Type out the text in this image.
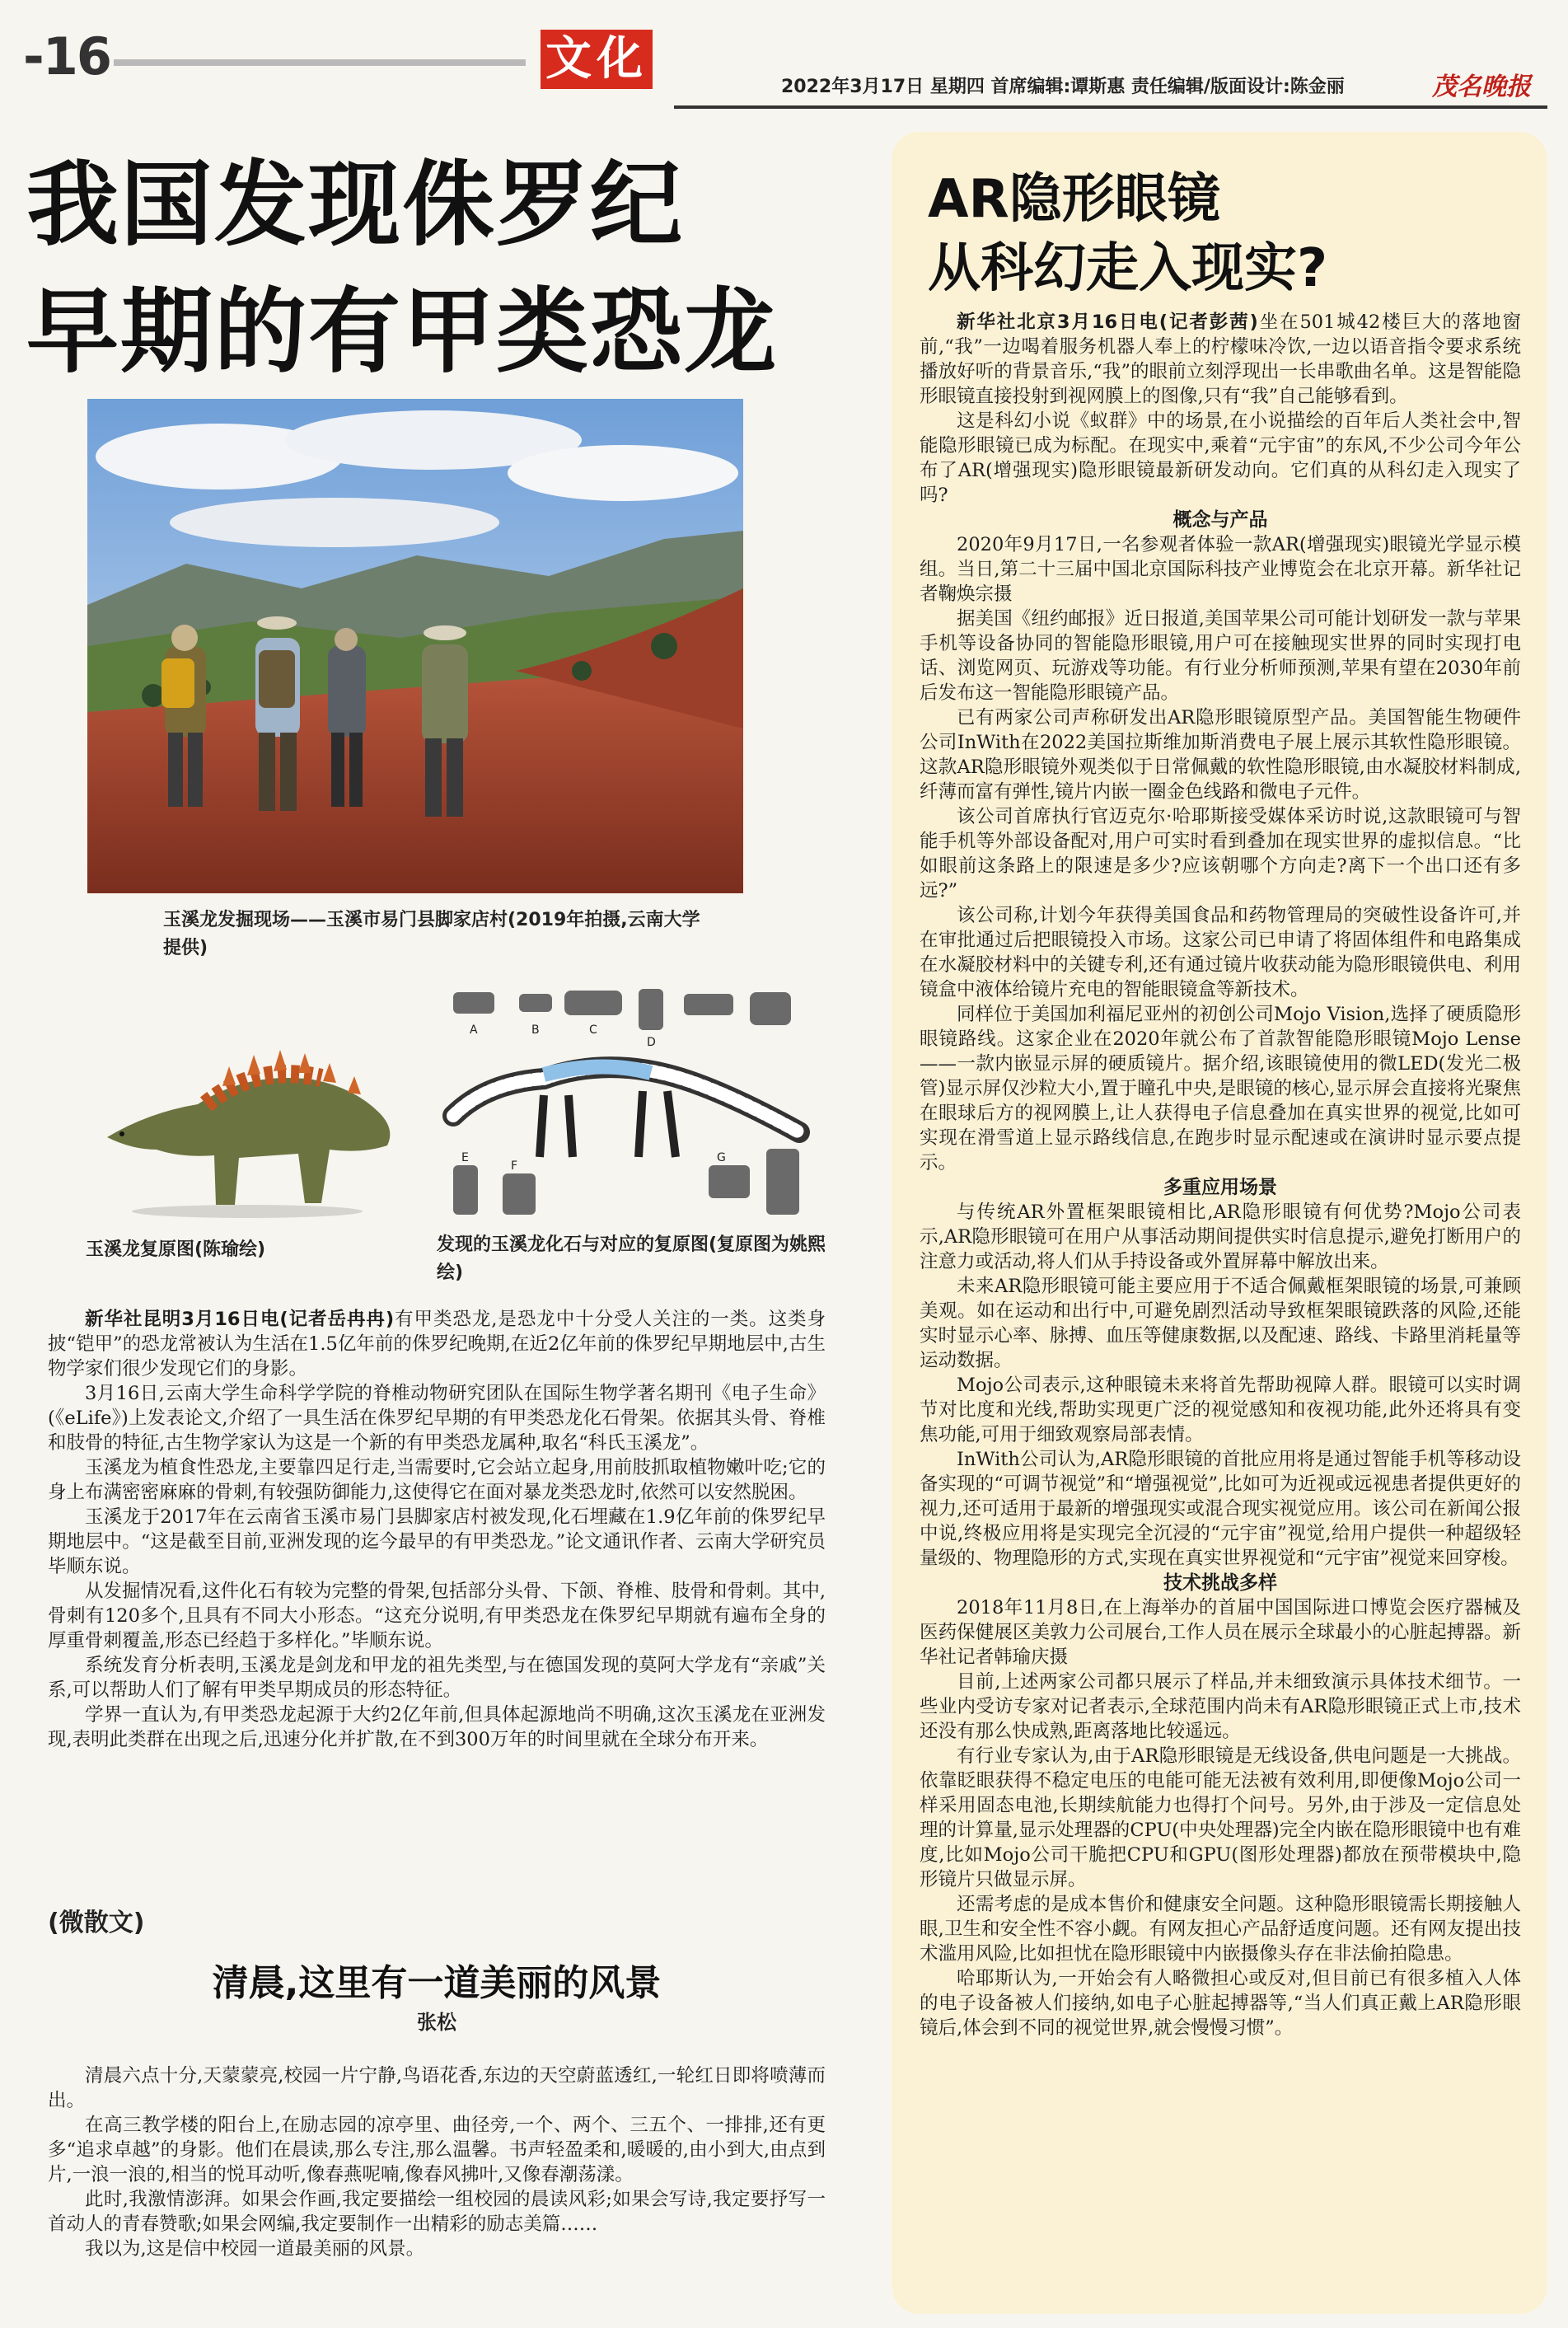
-16	文化
2022年3月17日 星期四 首席编辑:谭斯惠 责任编辑/版面设计:陈金丽	茂名晚报
我国发现侏罗纪
早期的有甲类恐龙
玉溪龙发掘现场——玉溪市易门县脚家店村(2019年拍摄,云南大学提供)
A	B	C
D
E
F
G
玉溪龙复原图(陈瑜绘)	发现的玉溪龙化石与对应的复原图(复原图为姚熙绘)

新华社昆明3月16日电(记者岳冉冉)有甲类恐龙,是恐龙中十分受人关注的一类。这类身披“铠甲”的恐龙常被认为生活在1.5亿年前的侏罗纪晚期,在近2亿年前的侏罗纪早期地层中,古生物学家们很少发现它们的身影。

3月16日,云南大学生命科学学院的脊椎动物研究团队在国际生物学著名期刊《电子生命》(《eLife》)上发表论文,介绍了一具生活在侏罗纪早期的有甲类恐龙化石骨架。依据其头骨、脊椎和肢骨的特征,古生物学家认为这是一个新的有甲类恐龙属种,取名“科氏玉溪龙”。

玉溪龙为植食性恐龙,主要靠四足行走,当需要时,它会站立起身,用前肢抓取植物嫩叶吃;它的身上布满密密麻麻的骨刺,有较强防御能力,这使得它在面对暴龙类恐龙时,依然可以安然脱困。

玉溪龙于2017年在云南省玉溪市易门县脚家店村被发现,化石埋藏在1.9亿年前的侏罗纪早期地层中。“这是截至目前,亚洲发现的迄今最早的有甲类恐龙。”论文通讯作者、云南大学研究员毕顺东说。

从发掘情况看,这件化石有较为完整的骨架,包括部分头骨、下颌、脊椎、肢骨和骨刺。其中,骨刺有120多个,且具有不同大小形态。“这充分说明,有甲类恐龙在侏罗纪早期就有遍布全身的厚重骨刺覆盖,形态已经趋于多样化。”毕顺东说。

系统发育分析表明,玉溪龙是剑龙和甲龙的祖先类型,与在德国发现的莫阿大学龙有“亲戚”关系,可以帮助人们了解有甲类早期成员的形态特征。

学界一直认为,有甲类恐龙起源于大约2亿年前,但具体起源地尚不明确,这次玉溪龙在亚洲发现,表明此类群在出现之后,迅速分化并扩散,在不到300万年的时间里就在全球分布开来。

(微散文)
清晨,这里有一道美丽的风景
张松

清晨六点十分,天蒙蒙亮,校园一片宁静,鸟语花香,东边的天空蔚蓝透红,一轮红日即将喷薄而出。

在高三教学楼的阳台上,在励志园的凉亭里、曲径旁,一个、两个、三五个、一排排,还有更多“追求卓越”的身影。他们在晨读,那么专注,那么温馨。书声轻盈柔和,暖暖的,由小到大,由点到片,一浪一浪的,相当的悦耳动听,像春燕呢喃,像春风拂叶,又像春潮荡漾。

此时,我激情澎湃。如果会作画,我定要描绘一组校园的晨读风彩;如果会写诗,我定要抒写一首动人的青春赞歌;如果会网编,我定要制作一出精彩的励志美篇……

我以为,这是信中校园一道最美丽的风景。

AR隐形眼镜
从科幻走入现实?

新华社北京3月16日电(记者彭茜)坐在501城42楼巨大的落地窗前,“我”一边喝着服务机器人奉上的柠檬味冷饮,一边以语音指令要求系统播放好听的背景音乐,“我”的眼前立刻浮现出一长串歌曲名单。这是智能隐形眼镜直接投射到视网膜上的图像,只有“我”自己能够看到。

这是科幻小说《蚁群》中的场景,在小说描绘的百年后人类社会中,智能隐形眼镜已成为标配。在现实中,乘着“元宇宙”的东风,不少公司今年公布了AR(增强现实)隐形眼镜最新研发动向。它们真的从科幻走入现实了吗?

概念与产品

2020年9月17日,一名参观者体验一款AR(增强现实)眼镜光学显示模组。当日,第二十三届中国北京国际科技产业博览会在北京开幕。新华社记者鞠焕宗摄

据美国《纽约邮报》近日报道,美国苹果公司可能计划研发一款与苹果手机等设备协同的智能隐形眼镜,用户可在接触现实世界的同时实现打电话、浏览网页、玩游戏等功能。有行业分析师预测,苹果有望在2030年前后发布这一智能隐形眼镜产品。

已有两家公司声称研发出AR隐形眼镜原型产品。美国智能生物硬件公司InWith在2022美国拉斯维加斯消费电子展上展示其软性隐形眼镜。这款AR隐形眼镜外观类似于日常佩戴的软性隐形眼镜,由水凝胶材料制成,纤薄而富有弹性,镜片内嵌一圈金色线路和微电子元件。

该公司首席执行官迈克尔·哈耶斯接受媒体采访时说,这款眼镜可与智能手机等外部设备配对,用户可实时看到叠加在现实世界的虚拟信息。“比如眼前这条路上的限速是多少?应该朝哪个方向走?离下一个出口还有多远?”

该公司称,计划今年获得美国食品和药物管理局的突破性设备许可,并在审批通过后把眼镜投入市场。这家公司已申请了将固体组件和电路集成在水凝胶材料中的关键专利,还有通过镜片收获动能为隐形眼镜供电、利用镜盒中液体给镜片充电的智能眼镜盒等新技术。

同样位于美国加利福尼亚州的初创公司Mojo Vision,选择了硬质隐形眼镜路线。这家企业在2020年就公布了首款智能隐形眼镜Mojo Lense——一款内嵌显示屏的硬质镜片。据介绍,该眼镜使用的微LED(发光二极管)显示屏仅沙粒大小,置于瞳孔中央,是眼镜的核心,显示屏会直接将光聚焦在眼球后方的视网膜上,让人获得电子信息叠加在真实世界的视觉,比如可实现在滑雪道上显示路线信息,在跑步时显示配速或在演讲时显示要点提示。

多重应用场景

与传统AR外置框架眼镜相比,AR隐形眼镜有何优势?Mojo公司表示,AR隐形眼镜可在用户从事活动期间提供实时信息提示,避免打断用户的注意力或活动,将人们从手持设备或外置屏幕中解放出来。

未来AR隐形眼镜可能主要应用于不适合佩戴框架眼镜的场景,可兼顾美观。如在运动和出行中,可避免剧烈活动导致框架眼镜跌落的风险,还能实时显示心率、脉搏、血压等健康数据,以及配速、路线、卡路里消耗量等运动数据。

Mojo公司表示,这种眼镜未来将首先帮助视障人群。眼镜可以实时调节对比度和光线,帮助实现更广泛的视觉感知和夜视功能,此外还将具有变焦功能,可用于细致观察局部表情。

InWith公司认为,AR隐形眼镜的首批应用将是通过智能手机等移动设备实现的“可调节视觉”和“增强视觉”,比如可为近视或远视患者提供更好的视力,还可适用于最新的增强现实或混合现实视觉应用。该公司在新闻公报中说,终极应用将是实现完全沉浸的“元宇宙”视觉,给用户提供一种超级轻量级的、物理隐形的方式,实现在真实世界视觉和“元宇宙”视觉来回穿梭。

技术挑战多样

2018年11月8日,在上海举办的首届中国国际进口博览会医疗器械及医药保健展区美敦力公司展台,工作人员在展示全球最小的心脏起搏器。新华社记者韩瑜庆摄

目前,上述两家公司都只展示了样品,并未细致演示具体技术细节。一些业内受访专家对记者表示,全球范围内尚未有AR隐形眼镜正式上市,技术还没有那么快成熟,距离落地比较遥远。

有行业专家认为,由于AR隐形眼镜是无线设备,供电问题是一大挑战。依靠眨眼获得不稳定电压的电能可能无法被有效利用,即便像Mojo公司一样采用固态电池,长期续航能力也得打个问号。另外,由于涉及一定信息处理的计算量,显示处理器的CPU(中央处理器)完全内嵌在隐形眼镜中也有难度,比如Mojo公司干脆把CPU和GPU(图形处理器)都放在预带模块中,隐形镜片只做显示屏。

还需考虑的是成本售价和健康安全问题。这种隐形眼镜需长期接触人眼,卫生和安全性不容小觑。有网友担心产品舒适度问题。还有网友提出技术滥用风险,比如担忧在隐形眼镜中内嵌摄像头存在非法偷拍隐患。

哈耶斯认为,一开始会有人略微担心或反对,但目前已有很多植入人体的电子设备被人们接纳,如电子心脏起搏器等,“当人们真正戴上AR隐形眼镜后,体会到不同的视觉世界,就会慢慢习惯”。
